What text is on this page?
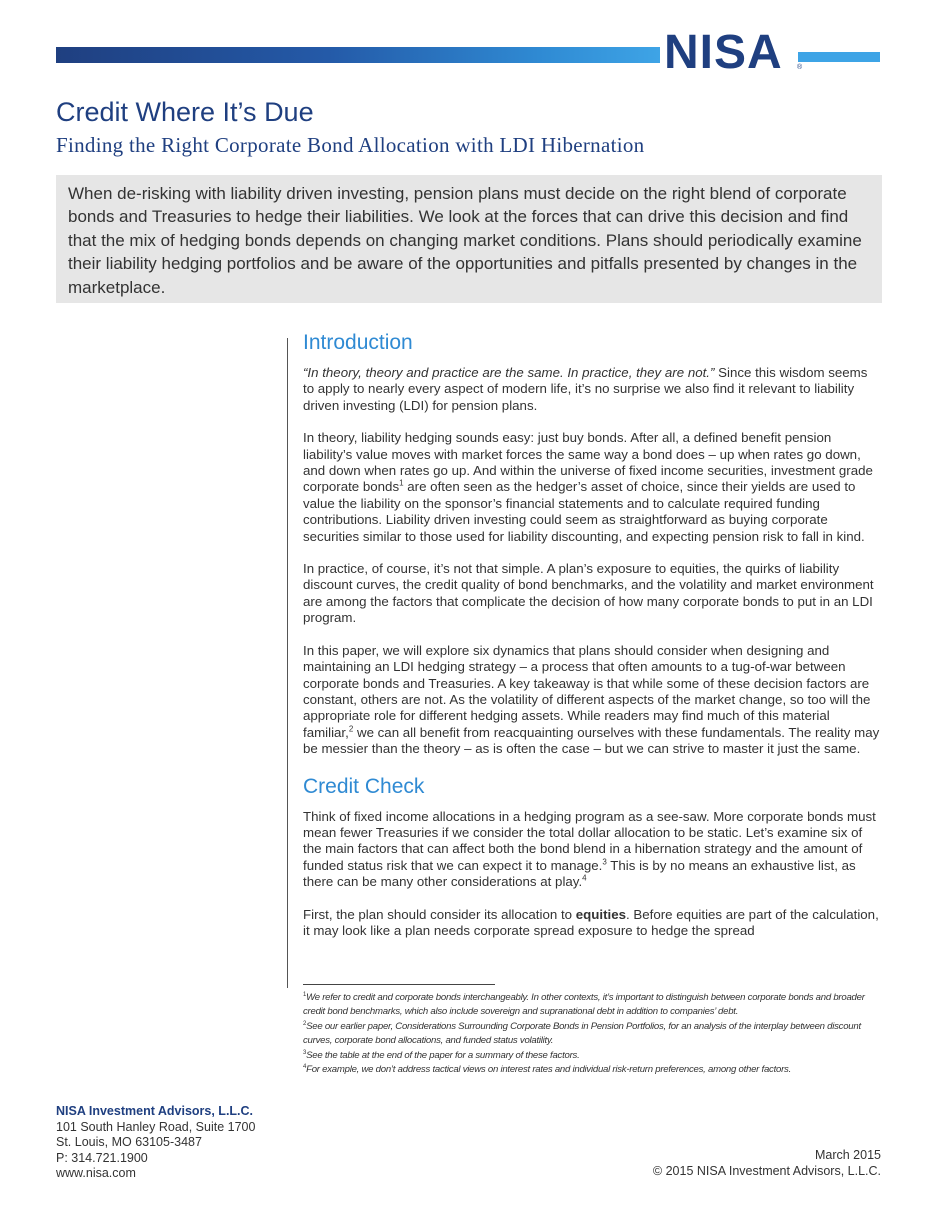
NISA ®
Credit Where It’s Due
Finding the Right Corporate Bond Allocation with LDI Hibernation
When de-risking with liability driven investing, pension plans must decide on the right blend of corporate bonds and Treasuries to hedge their liabilities. We look at the forces that can drive this decision and find that the mix of hedging bonds depends on changing market conditions. Plans should periodically examine their liability hedging portfolios and be aware of the opportunities and pitfalls presented by changes in the marketplace.
Introduction

“In theory, theory and practice are the same. In practice, they are not.” Since this wisdom seems to apply to nearly every aspect of modern life, it’s no surprise we also find it relevant to liability driven investing (LDI) for pension plans.

In theory, liability hedging sounds easy: just buy bonds. After all, a defined benefit pension liability’s value moves with market forces the same way a bond does – up when rates go down, and down when rates go up. And within the universe of fixed income securities, investment grade corporate bonds$^1$ are often seen as the hedger’s asset of choice, since their yields are used to value the liability on the sponsor’s financial statements and to calculate required funding contributions. Liability driven investing could seem as straightforward as buying corporate securities similar to those used for liability discounting, and expecting pension risk to fall in kind.

In practice, of course, it’s not that simple. A plan’s exposure to equities, the quirks of liability discount curves, the credit quality of bond benchmarks, and the volatility and market environment are among the factors that complicate the decision of how many corporate bonds to put in an LDI program.

In this paper, we will explore six dynamics that plans should consider when designing and maintaining an LDI hedging strategy – a process that often amounts to a tug-of-war between corporate bonds and Treasuries. A key takeaway is that while some of these decision factors are constant, others are not. As the volatility of different aspects of the market change, so too will the appropriate role for different hedging assets. While readers may find much of this material familiar,$^2$ we can all benefit from reacquainting ourselves with these fundamentals. The reality may be messier than the theory – as is often the case – but we can strive to master it just the same.

Credit Check

Think of fixed income allocations in a hedging program as a see-saw. More corporate bonds must mean fewer Treasuries if we consider the total dollar allocation to be static. Let’s examine six of the main factors that can affect both the bond blend in a hibernation strategy and the amount of funded status risk that we can expect it to manage.$^3$ This is by no means an exhaustive list, as there can be many other considerations at play.$^4$

First, the plan should consider its allocation to equities. Before equities are part of the calculation, it may look like a plan needs corporate spread exposure to hedge the spread

$^1$We refer to credit and corporate bonds interchangeably. In other contexts, it’s important to distinguish between corporate bonds and broader credit bond benchmarks, which also include sovereign and supranational debt in addition to companies’ debt.
$^2$See our earlier paper, Considerations Surrounding Corporate Bonds in Pension Portfolios, for an analysis of the interplay between discount curves, corporate bond allocations, and funded status volatility.
$^3$See the table at the end of the paper for a summary of these factors.
$^4$For example, we don’t address tactical views on interest rates and individual risk-return preferences, among other factors.
NISA Investment Advisors, L.L.C.
101 South Hanley Road, Suite 1700
St. Louis, MO 63105-3487
P: 314.721.1900
www.nisa.com
March 2015
© 2015 NISA Investment Advisors, L.L.C.
